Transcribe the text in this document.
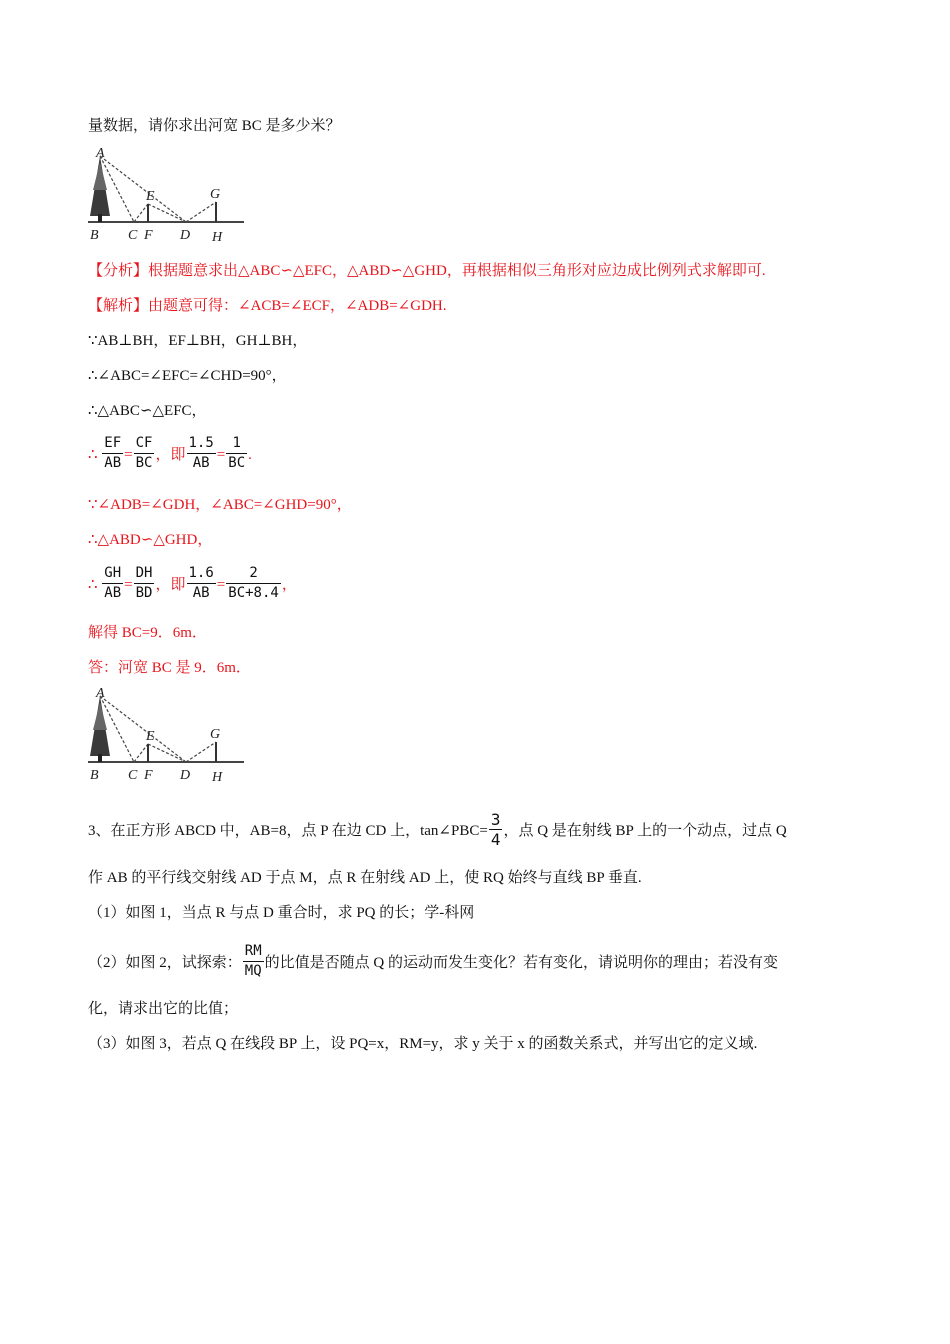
量数据，请你求出河宽 BC 是多少米？
A
E	G
B C F D H
【分析】根据题意求出△ABC∽△EFC，△ABD∽△GHD，再根据相似三角形对应边成比例列式求解即可.
【解析】由题意可得：∠ACB=∠ECF，∠ADB=∠GDH.
∵AB⊥BH，EF⊥BH，GH⊥BH，
∴∠ABC=∠EFC=∠CHD=90°，
∴△ABC∽△EFC，
∴ $\frac{EF}{AB} = \frac{CF}{BC}$ ，即 $\frac{1.5}{AB} = \frac{1}{BC}$ .
∵∠ADB=∠GDH，∠ABC=∠GHD=90°，
∴△ABD∽△GHD，
∴ $\frac{GH}{AB} = \frac{DH}{BD}$ ，即 $\frac{1.6}{AB} = \frac{2}{BC+8.4}$ ，
解得 BC=9．6m．
答：河宽 BC 是 9．6m．
A
E	G
B C F D H
3、在正方形 ABCD 中，AB=8，点 P 在边 CD 上，tan∠PBC= $\frac{3}{4}$ ，点 Q 是在射线 BP 上的一个动点，过点 Q
作 AB 的平行线交射线 AD 于点 M，点 R 在射线 AD 上，使 RQ 始终与直线 BP 垂直.
（1）如图 1，当点 R 与点 D 重合时，求 PQ 的长；学-科网
（2）如图 2，试探索： $\frac{RM}{MQ}$ 的比值是否随点 Q 的运动而发生变化？若有变化，请说明你的理由；若没有变
化，请求出它的比值；
（3）如图 3，若点 Q 在线段 BP 上，设 PQ=x，RM=y，求 y 关于 x 的函数关系式，并写出它的定义域.
